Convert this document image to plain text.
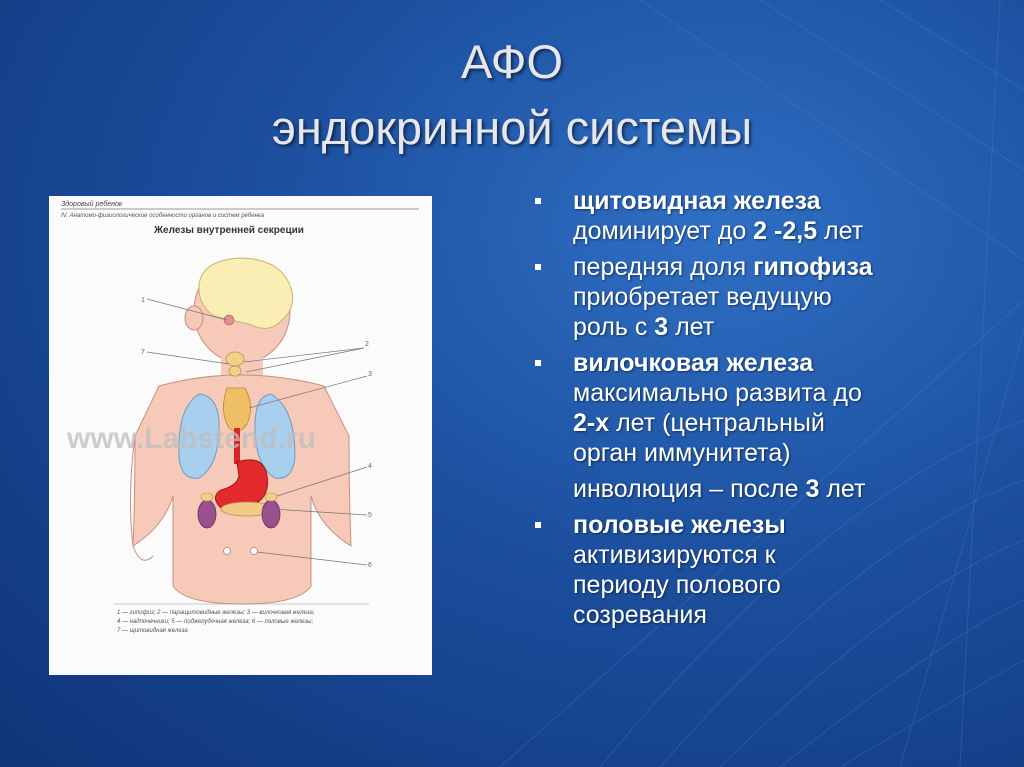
АФО
эндокринной системы
Здоровый ребенок
IV. Анатомо-физиологические особенности органов и систем ребенка
Железы внутренней секреции
1
2
3
4
5
6
7
www.Labstend.ru
1 — гипофиз; 2 — паращитовидные железы; 3 — вилочковая железа;
4 — надпочечники; 5 — поджелудочная железа; 6 — половые железы;
7 — щитовидная железа
щитовидная железа
доминирует до 2 -2,5 лет
передняя доля гипофиза
приобретает ведущую
роль с 3 лет
вилочковая железа
максимально развита до
2-х лет (центральный
орган иммунитета)
инволюция – после 3 лет
половые железы
активизируются к
периоду полового
созревания
